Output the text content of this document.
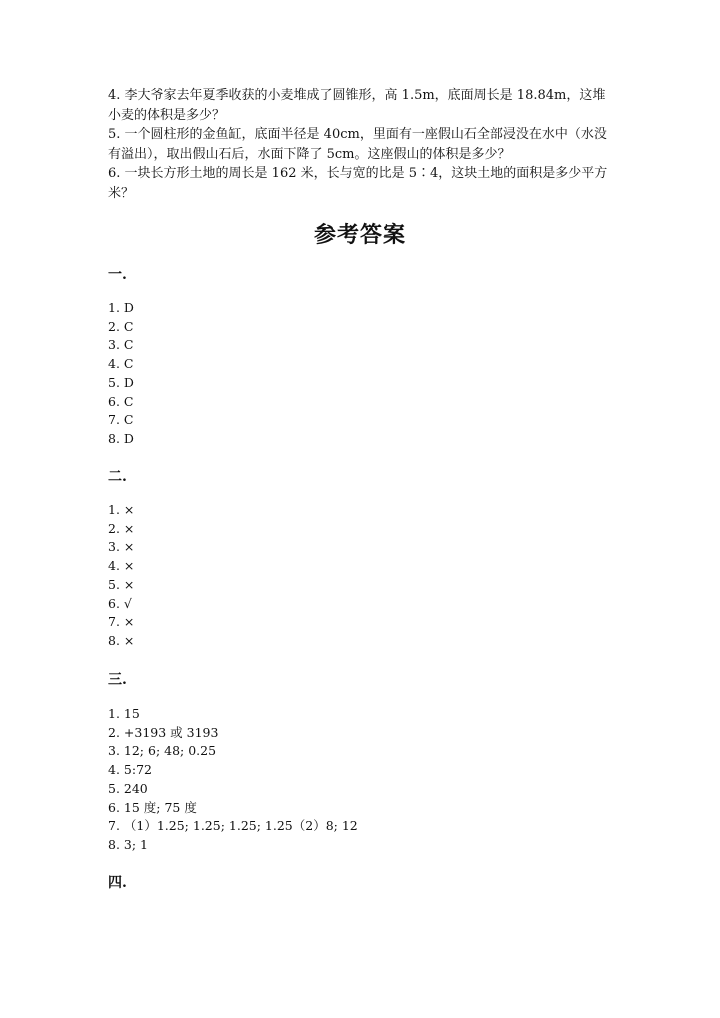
4. 李大爷家去年夏季收获的小麦堆成了圆锥形，高 1.5m，底面周长是 18.84m，这堆小麦的体积是多少？

5. 一个圆柱形的金鱼缸，底面半径是 40cm，里面有一座假山石全部浸没在水中（水没有溢出），取出假山石后，水面下降了 5cm。这座假山的体积是多少？

6. 一块长方形土地的周长是 162 米，长与宽的比是 5∶4，这块土地的面积是多少平方米？

参考答案
一.
1. D
2. C
3. C
4. C
5. D
6. C
7. C
8. D
二.
1. ×
2. ×
3. ×
4. ×
5. ×
6. √
7. ×
8. ×
三.
1. 15
2. +3193 或 3193
3. 12; 6; 48; 0.25
4. 5:72
5. 240
6. 15 度; 75 度
7. （1）1.25; 1.25; 1.25; 1.25（2）8; 12
8. 3; 1
四.
